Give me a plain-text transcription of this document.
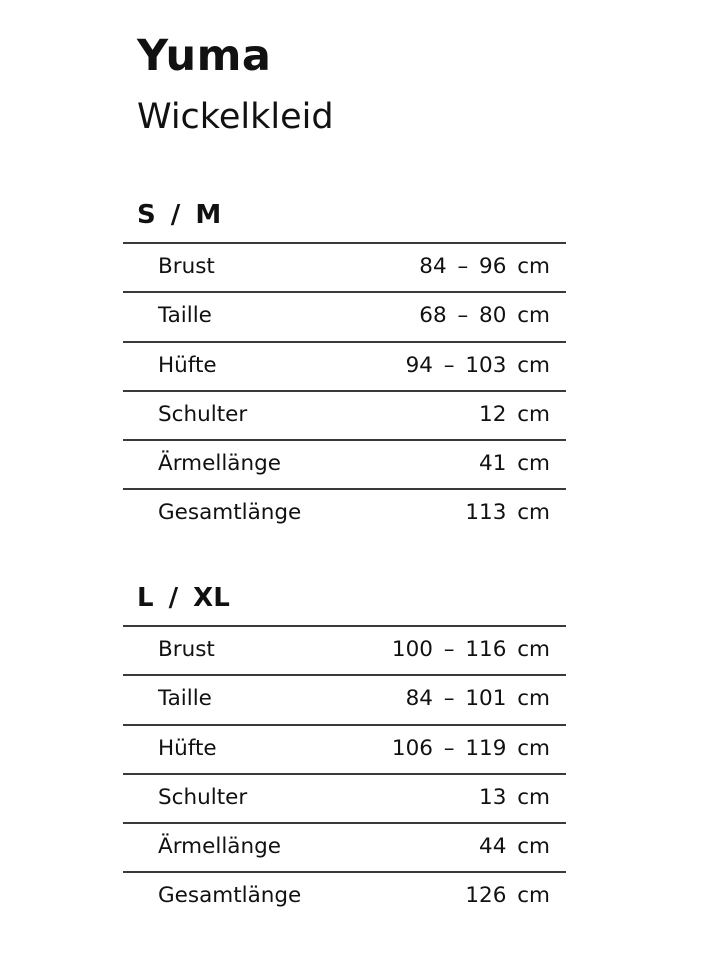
Yuma
Wickelkleid
S / M
Brust	84 – 96 cm
Taille	68 – 80 cm
Hüfte	94 – 103 cm
Schulter	12 cm
Ärmellänge	41 cm
Gesamtlänge	113 cm
L / XL
Brust	100 – 116 cm
Taille	84 – 101 cm
Hüfte	106 – 119 cm
Schulter	13 cm
Ärmellänge	44 cm
Gesamtlänge	126 cm
